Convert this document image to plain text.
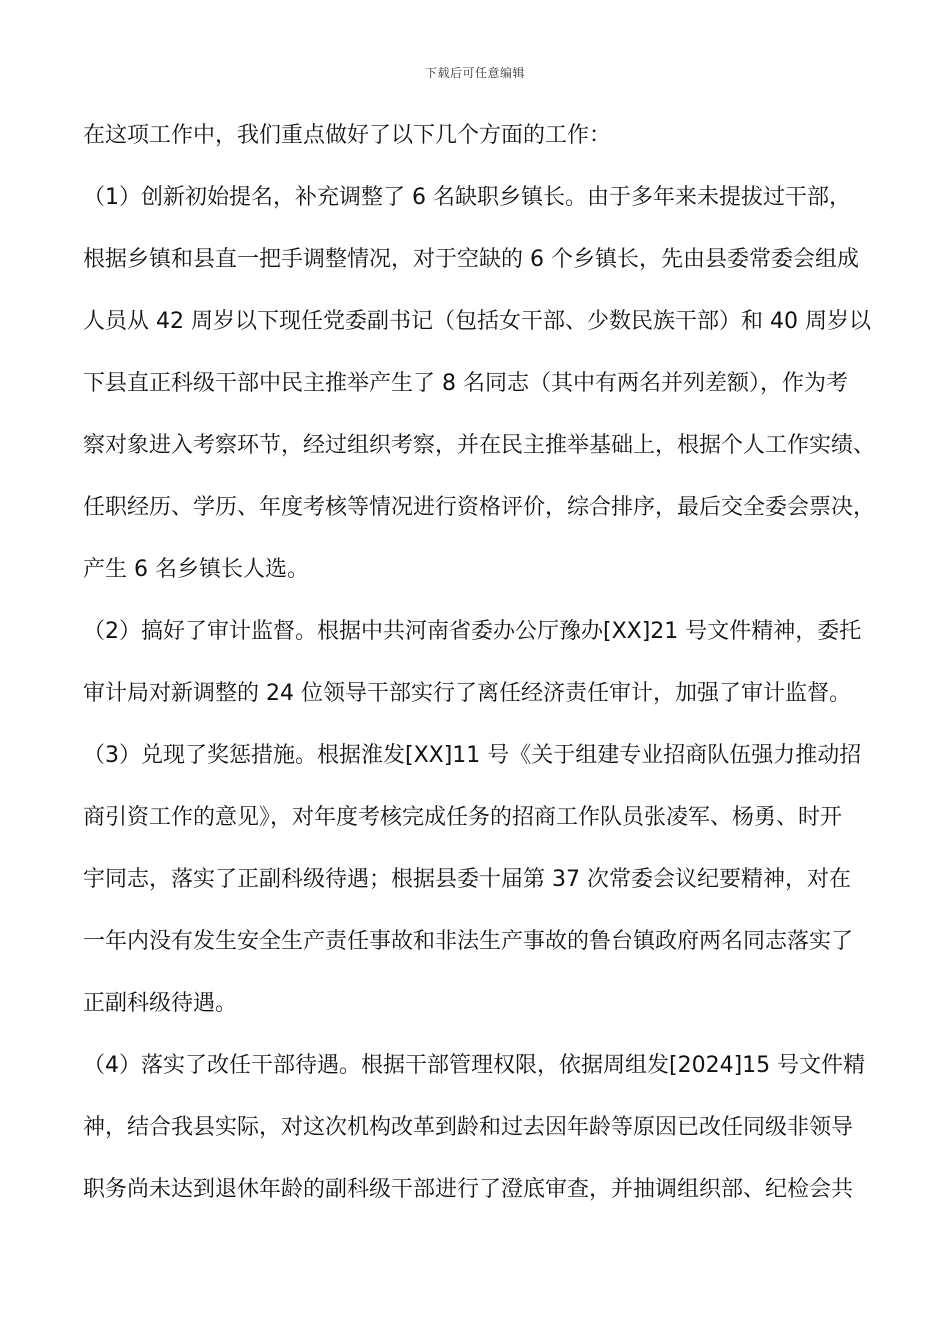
下载后可任意编辑
在这项工作中，我们重点做好了以下几个方面的工作：
（1）创新初始提名，补充调整了 6 名缺职乡镇长。由于多年来未提拔过干部，
根据乡镇和县直一把手调整情况，对于空缺的 6 个乡镇长，先由县委常委会组成
人员从 42 周岁以下现任党委副书记（包括女干部、少数民族干部）和 40 周岁以
下县直正科级干部中民主推举产生了 8 名同志（其中有两名并列差额），作为考
察对象进入考察环节，经过组织考察，并在民主推举基础上，根据个人工作实绩、
任职经历、学历、年度考核等情况进行资格评价，综合排序，最后交全委会票决，
产生 6 名乡镇长人选。
（2）搞好了审计监督。根据中共河南省委办公厅豫办[XX]21 号文件精神，委托
审计局对新调整的 24 位领导干部实行了离任经济责任审计，加强了审计监督。
（3）兑现了奖惩措施。根据淮发[XX]11 号《关于组建专业招商队伍强力推动招
商引资工作的意见》，对年度考核完成任务的招商工作队员张凌军、杨勇、时开
宇同志，落实了正副科级待遇；根据县委十届第 37 次常委会议纪要精神，对在
一年内没有发生安全生产责任事故和非法生产事故的鲁台镇政府两名同志落实了
正副科级待遇。
（4）落实了改任干部待遇。根据干部管理权限，依据周组发[2024]15 号文件精
神，结合我县实际，对这次机构改革到龄和过去因年龄等原因已改任同级非领导
职务尚未达到退休年龄的副科级干部进行了澄底审查，并抽调组织部、纪检会共
